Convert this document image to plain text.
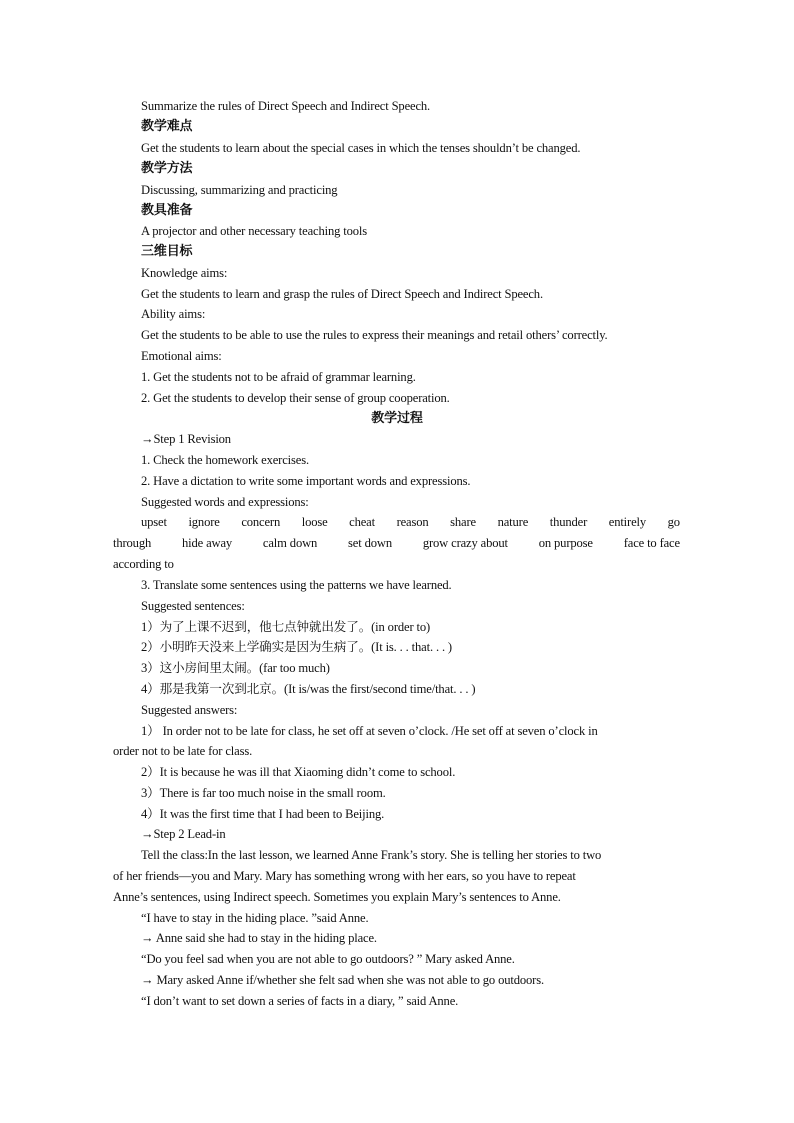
Summarize the rules of Direct Speech and Indirect Speech.
教学难点
Get the students to learn about the special cases in which the tenses shouldn’t be changed.
教学方法
Discussing, summarizing and practicing
教具准备
A projector and other necessary teaching tools
三维目标
Knowledge aims:
Get the students to learn and grasp the rules of Direct Speech and Indirect Speech.
Ability aims:
Get the students to be able to use the rules to express their meanings and retail others’ correctly.
Emotional aims:
1. Get the students not to be afraid of grammar learning.
2. Get the students to develop their sense of group cooperation.
教学过程
→Step 1 Revision
1. Check the homework exercises.
2. Have a dictation to write some important words and expressions.
Suggested words and expressions:
upset ignore concern loose cheat reason share nature thunder entirely go
through hide away calm down set down grow crazy about on purpose face to face
according to
3. Translate some sentences using the patterns we have learned.
Suggested sentences:
1）为了上课不迟到，他七点钟就出发了。(in order to)
2）小明昨天没来上学确实是因为生病了。(It is. . . that. . . )
3）这小房间里太闹。(far too much)
4）那是我第一次到北京。(It is/was the first/second time/that. . . )
Suggested answers:
1） In order not to be late for class, he set off at seven o’clock. /He set off at seven o’clock in
order not to be late for class.
2）It is because he was ill that Xiaoming didn’t come to school.
3）There is far too much noise in the small room.
4）It was the first time that I had been to Beijing.
→Step 2 Lead-in
Tell the class:In the last lesson, we learned Anne Frank’s story. She is telling her stories to two
of her friends—you and Mary. Mary has something wrong with her ears, so you have to repeat
Anne’s sentences, using Indirect speech. Sometimes you explain Mary’s sentences to Anne.
“I have to stay in the hiding place. ”said Anne.
→ Anne said she had to stay in the hiding place.
“Do you feel sad when you are not able to go outdoors? ” Mary asked Anne.
→ Mary asked Anne if/whether she felt sad when she was not able to go outdoors.
“I don’t want to set down a series of facts in a diary, ” said Anne.
